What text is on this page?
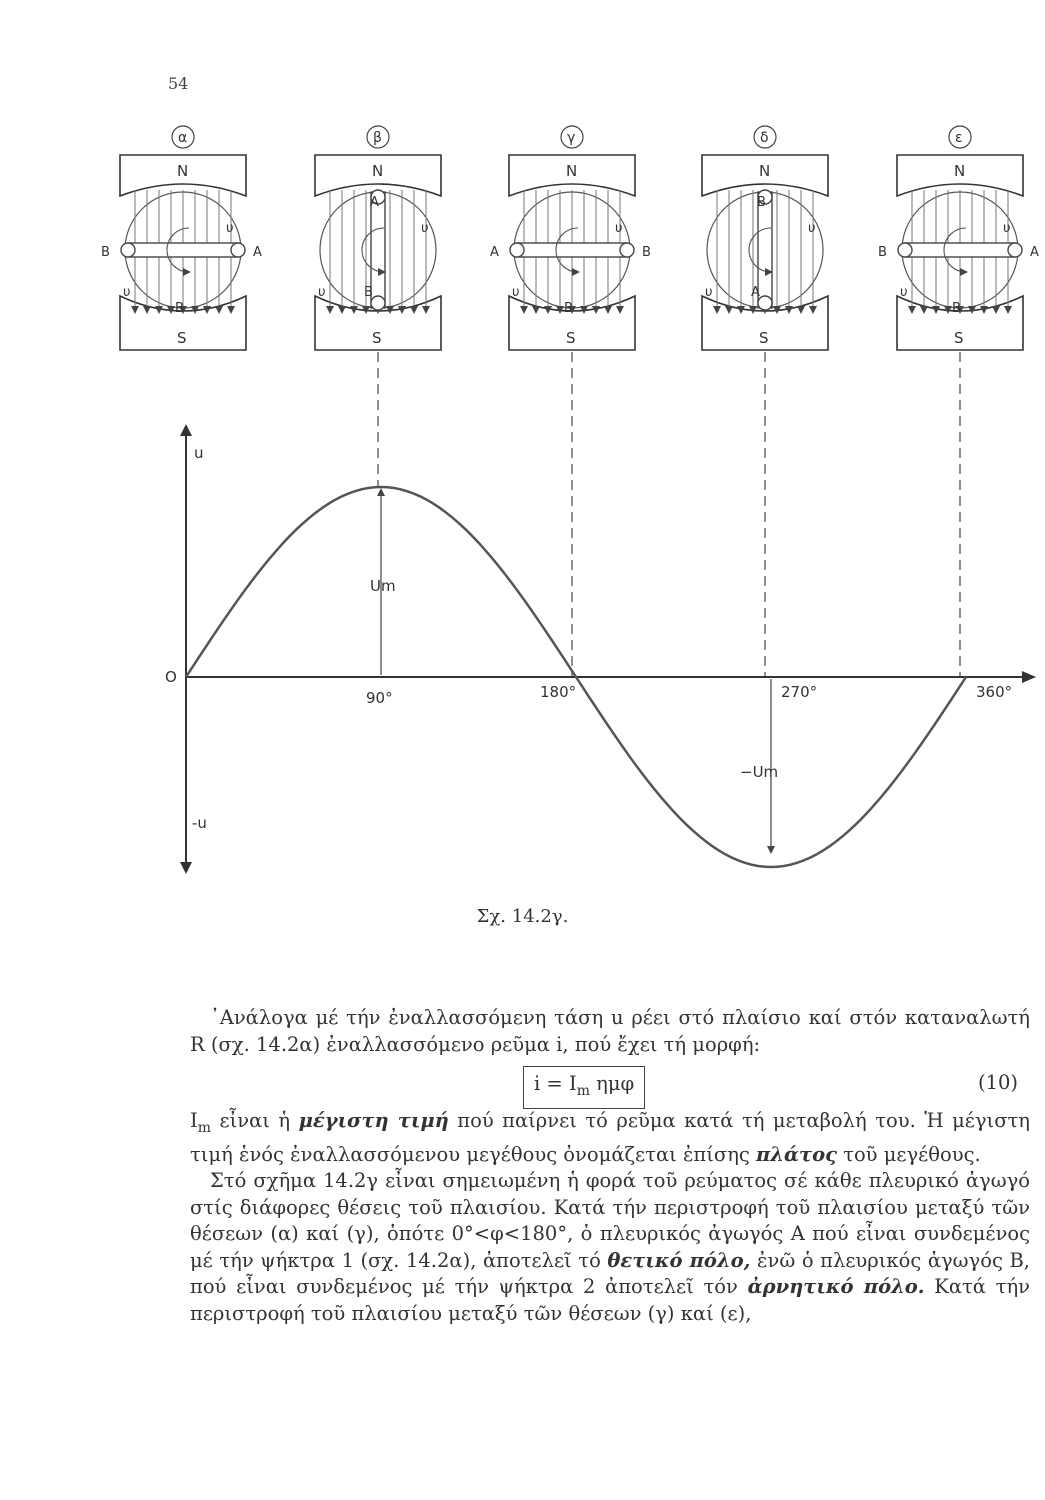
54
α
N
S
B	A
B
υ
υ
β
N
S
B
A
υ
υ
γ
N
S
A	B
B
υ
υ
δ
N
S
A
B
υ
υ
ε
N
S
B	A
B
υ
υ
u
-u
O
Um
−Um
90°	180°	270°	360°
Σχ. 14.2γ.

᾿Ανάλογα μέ τήν ἐναλλασσόμενη τάση u ρέει στό πλαίσιο καί στόν καταναλωτή R (σχ. 14.2α) ἐναλλασσόμενο ρεῦμα i, πού ἔχει τή μορφή:

$i = I_m$ ημφ	(10)

$I_m$ εἶναι ἡ μέγιστη τιμή πού παίρνει τό ρεῦμα κατά τή μεταβολή του. Ἡ μέγιστη τιμή ἑνός ἐναλλασσόμενου μεγέθους ὀνομάζεται ἐπίσης πλάτος τοῦ μεγέθους.

Στό σχῆμα 14.2γ εἶναι σημειωμένη ἡ φορά τοῦ ρεύματος σέ κάθε πλευρικό ἀγωγό στίς διάφορες θέσεις τοῦ πλαισίου. Κατά τήν περιστροφή τοῦ πλαισίου μεταξύ τῶν θέσεων (α) καί (γ), ὁπότε 0°<φ<180°, ὁ πλευρικός ἀγωγός Α πού εἶναι συνδεμένος μέ τήν ψήκτρα 1 (σχ. 14.2α), ἀποτελεῖ τό θετικό πόλο, ἐνῶ ὁ πλευρικός ἀγωγός Β, πού εἶναι συνδεμένος μέ τήν ψήκτρα 2 ἀποτελεῖ τόν ἀρνητικό πόλο. Κατά τήν περιστροφή τοῦ πλαισίου μεταξύ τῶν θέσεων (γ) καί (ε),
